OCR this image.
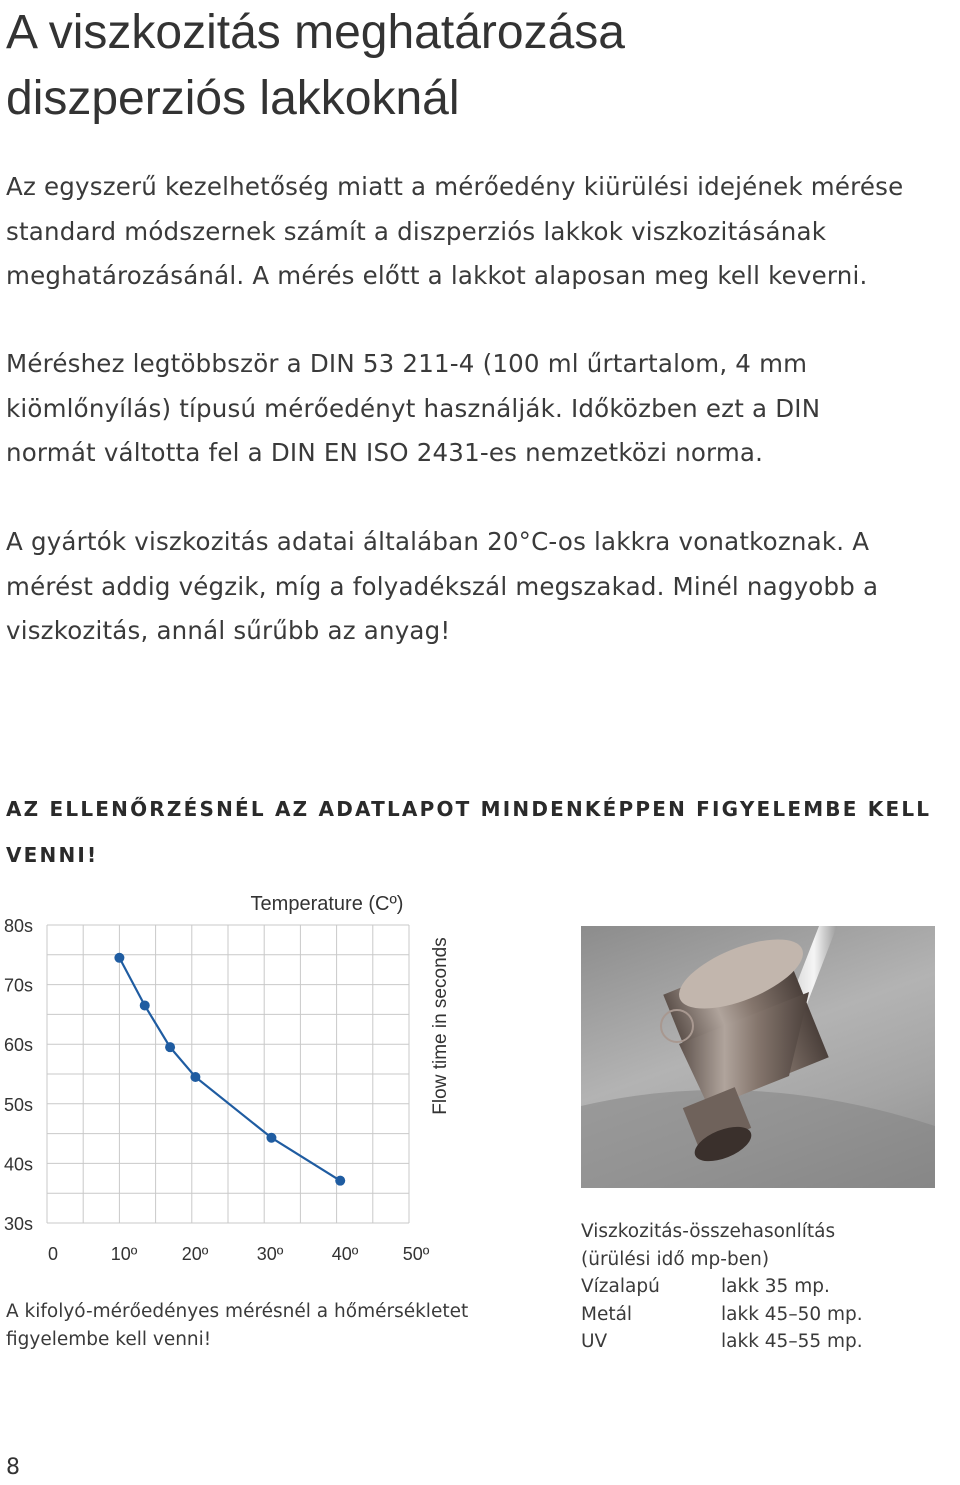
A viszkozitás meghatározása
diszperziós lakkoknál

Az egyszerű kezelhetőség miatt a mérőedény kiürülési idejének mérése
standard módszernek számít a diszperziós lakkok viszkozitásának
meghatározásánál. A mérés előtt a lakkot alaposan meg kell keverni.

Méréshez legtöbbször a DIN 53 211-4 (100 ml űrtartalom, 4 mm
kiömlőnyílás) típusú mérőedényt használják. Időközben ezt a DIN
normát váltotta fel a DIN EN ISO 2431-es nemzetközi norma.

A gyártók viszkozitás adatai általában 20°C-os lakkra vonatkoznak. A
mérést addig végzik, míg a folyadékszál megszakad. Minél nagyobb a
viszkozitás, annál sűrűbb az anyag!

AZ ELLENŐRZÉSNÉL AZ ADATLAPOT MINDENKÉPPEN FIGYELEMBE KELL
VENNI!

Temperature (Cº)
Flow time in seconds
80s
70s
60s
50s
40s
30s
0	10º 20º	30º	40º 50º

A kifolyó-mérőedényes mérésnél a hőmérsékletet
figyelembe kell venni!

Viszkozitás-összehasonlítás
(ürülési idő mp-ben)
Vízalapú	lakk 35 mp.
Metál	lakk 45–50 mp.
UV	lakk 45–55 mp.
8
